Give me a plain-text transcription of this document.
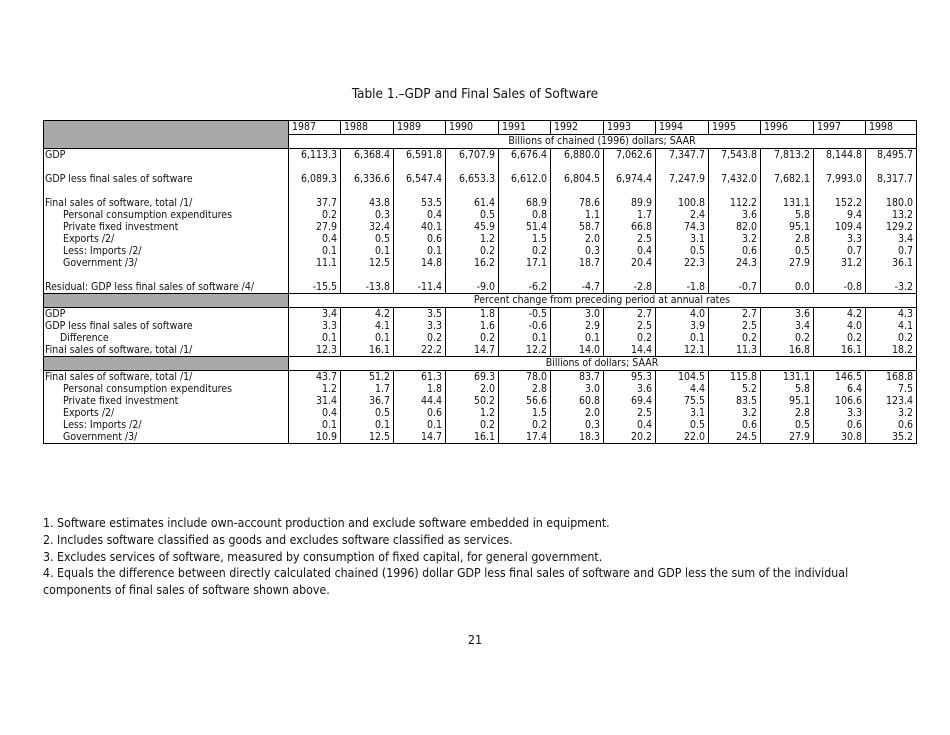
Table 1.–GDP and Final Sales of Software
	1987	1988	1989	1990	1991	1992	1993	1994	1995	1996	1997	1998
	Billions of chained (1996) dollars; SAAR											
GDP	6,113.3	6,368.4	6,591.8	6,707.9	6,676.4	6,880.0	7,062.6	7,347.7	7,543.8	7,813.2	8,144.8	8,495.7

GDP less final sales of software	6,089.3	6,336.6	6,547.4	6,653.3	6,612.0	6,804.5	6,974.4	7,247.9	7,432.0	7,682.1	7,993.0	8,317.7

Final sales of software, total /1/	37.7	43.8	53.5	61.4	68.9	78.6	89.9	100.8	112.2	131.1	152.2	180.0
Personal consumption expenditures	0.2	0.3	0.4	0.5	0.8	1.1	1.7	2.4	3.6	5.8	9.4	13.2
Private fixed investment	27.9	32.4	40.1	45.9	51.4	58.7	66.8	74.3	82.0	95.1	109.4	129.2
Exports /2/	0.4	0.5	0.6	1.2	1.5	2.0	2.5	3.1	3.2	2.8	3.3	3.4
Less: Imports /2/	0.1	0.1	0.1	0.2	0.2	0.3	0.4	0.5	0.6	0.5	0.7	0.7
Government /3/	11.1	12.5	14.8	16.2	17.1	18.7	20.4	22.3	24.3	27.9	31.2	36.1

Residual: GDP less final sales of software /4/	-15.5	-13.8	-11.4	-9.0	-6.2	-4.7	-2.8	-1.8	-0.7	0.0	-0.8	-3.2
	Percent change from preceding period at annual rates											
GDP	3.4	4.2	3.5	1.8	-0.5	3.0	2.7	4.0	2.7	3.6	4.2	4.3
GDP less final sales of software	3.3	4.1	3.3	1.6	-0.6	2.9	2.5	3.9	2.5	3.4	4.0	4.1
Difference	0.1	0.1	0.2	0.2	0.1	0.1	0.2	0.1	0.2	0.2	0.2	0.2
Final sales of software, total /1/	12.3	16.1	22.2	14.7	12.2	14.0	14.4	12.1	11.3	16.8	16.1	18.2
	Billions of dollars; SAAR											
Final sales of software, total /1/	43.7	51.2	61.3	69.3	78.0	83.7	95.3	104.5	115.8	131.1	146.5	168.8
Personal consumption expenditures	1.2	1.7	1.8	2.0	2.8	3.0	3.6	4.4	5.2	5.8	6.4	7.5
Private fixed investment	31.4	36.7	44.4	50.2	56.6	60.8	69.4	75.5	83.5	95.1	106.6	123.4
Exports /2/	0.4	0.5	0.6	1.2	1.5	2.0	2.5	3.1	3.2	2.8	3.3	3.2
Less: Imports /2/	0.1	0.1	0.1	0.2	0.2	0.3	0.4	0.5	0.6	0.5	0.6	0.6
Government /3/	10.9	12.5	14.7	16.1	17.4	18.3	20.2	22.0	24.5	27.9	30.8	35.2
1. Software estimates include own-account production and exclude software embedded in equipment.
2. Includes software classified as goods and excludes software classified as services.
3. Excludes services of software, measured by consumption of fixed capital, for general government.
4. Equals the difference between directly calculated chained (1996) dollar GDP less final sales of software and GDP less the sum of the individual components of final sales of software shown above.
21
